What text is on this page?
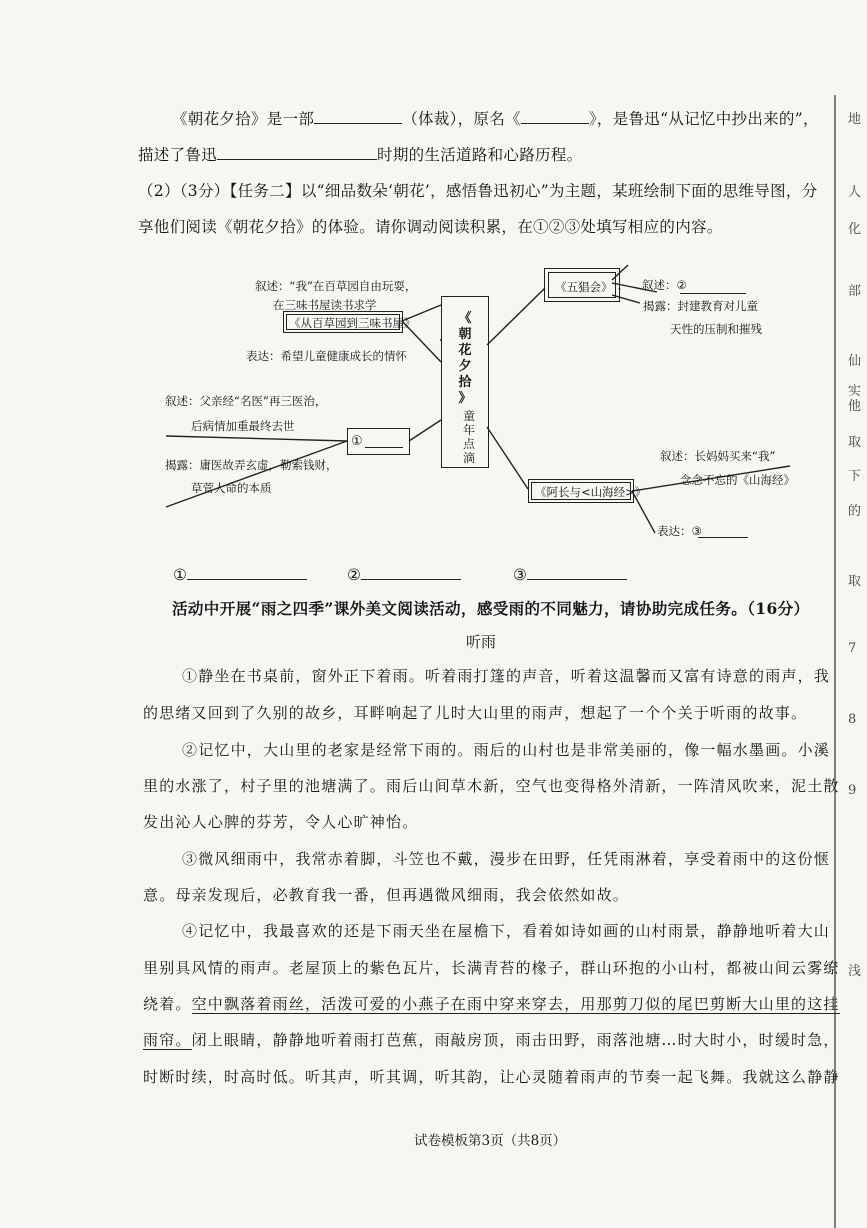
《朝花夕拾》是一部	（体裁），原名《	》，是鲁迅“从记忆中抄出来的”，
描述了鲁迅	时期的生活道路和心路历程。
（2）（3分）【任务二】以“细品数朵‘朝花’，感悟鲁迅初心”为主题，某班绘制下面的思维导图，分
享他们阅读《朝花夕拾》的体验。请你调动阅读积累，在①②③处填写相应的内容。
叙述：“我”在百草园自由玩耍，
在三味书屋读书求学
《从百草园到三味书屋》
表达：希望儿童健康成长的情怀
《五猖会》	叙述：②
揭露：封建教育对儿童
天性的压制和摧残
《
朝
花
夕
拾
》
童
年
点
滴
叙述：父亲经“名医”再三医治，
后病情加重最终去世
①
揭露：庸医故弄玄虚，勒索钱财，
草菅人命的本质
叙述：长妈妈买来“我”
念念不忘的《山海经》
《阿长与<山海经>》
表达：③
①	②	③
活动中开展“雨之四季”课外美文阅读活动，感受雨的不同魅力，请协助完成任务。（16分）
听雨
①静坐在书桌前，窗外正下着雨。听着雨打篷的声音，听着这温馨而又富有诗意的雨声，我
的思绪又回到了久别的故乡，耳畔响起了儿时大山里的雨声，想起了一个个关于听雨的故事。
②记忆中，大山里的老家是经常下雨的。雨后的山村也是非常美丽的，像一幅水墨画。小溪
里的水涨了，村子里的池塘满了。雨后山间草木新，空气也变得格外清新，一阵清风吹来，泥土散
发出沁人心脾的芬芳，令人心旷神怡。
③微风细雨中，我常赤着脚，斗笠也不戴，漫步在田野，任凭雨淋着，享受着雨中的这份惬
意。母亲发现后，必教育我一番，但再遇微风细雨，我会依然如故。
④记忆中，我最喜欢的还是下雨天坐在屋檐下，看着如诗如画的山村雨景，静静地听着大山
里别具风情的雨声。老屋顶上的紫色瓦片，长满青苔的椽子，群山环抱的小山村，都被山间云雾缭
绕着。空中飘落着雨丝，活泼可爱的小燕子在雨中穿来穿去，用那剪刀似的尾巴剪断大山里的这挂
雨帘。闭上眼睛，静静地听着雨打芭蕉，雨敲房顶，雨击田野，雨落池塘…时大时小，时缓时急，
时断时续，时高时低。听其声，听其调，听其韵，让心灵随着雨声的节奏一起飞舞。我就这么静静
试卷模板第3页（共8页）
地
人
化
部
仙
实
他
取
下
的
取
7
8
9
浅
